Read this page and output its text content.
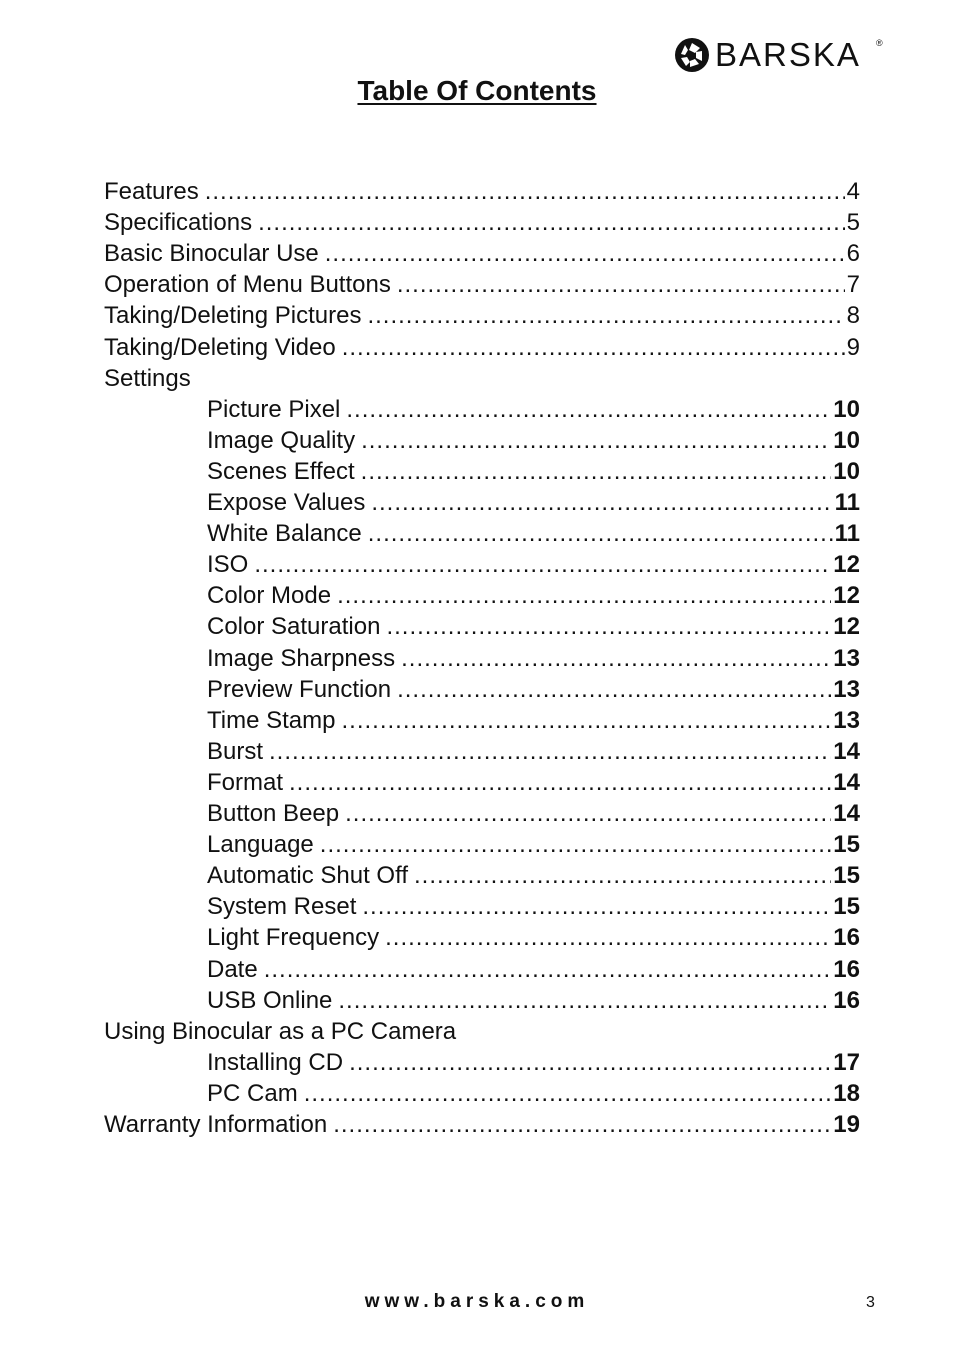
BARSKA ®
Table Of Contents
Features .....	4
Specifications .....	5
Basic Binocular Use .....	6
Operation of Menu Buttons .....	7
Taking/Deleting Pictures .....	8
Taking/Deleting Video .....	9
Settings
Picture Pixel .....	10
Image Quality .....	10
Scenes Effect .....	10
Expose Values .....	11
White Balance .....	11
ISO .....	12
Color Mode .....	12
Color Saturation .....	12
Image Sharpness .....	13
Preview Function .....	13
Time Stamp .....	13
Burst .....	14
Format .....	14
Button Beep .....	14
Language .....	15
Automatic Shut Off .....	15
System Reset .....	15
Light Frequency .....	16
Date .....	16
USB Online .....	16
Using Binocular as a PC Camera
Installing CD .....	17
PC Cam .....	18
Warranty Information .....	19
www.barska.com	3
